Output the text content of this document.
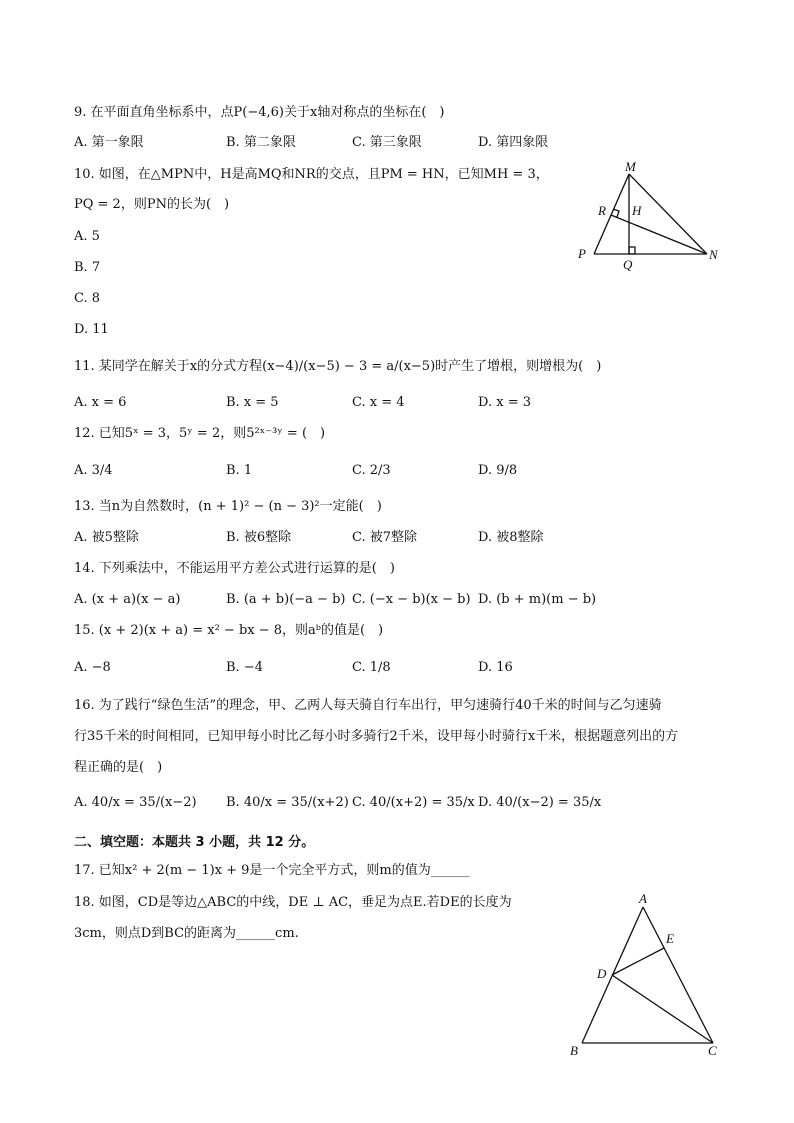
9. 在平面直角坐标系中，点P(−4,6)关于x轴对称点的坐标在(　)
A. 第一象限	B. 第二象限	C. 第三象限	D. 第四象限
10. 如图，在△MPN中，H是高MQ和NR的交点，且PM = HN，已知MH = 3，
PQ = 2，则PN的长为(　)
A. 5
B. 7
C. 8
D. 11
M
R H
P
Q
N
11. 某同学在解关于x的分式方程(x−4)/(x−5) − 3 = a/(x−5)时产生了增根，则增根为(　)
A. x = 6	B. x = 5	C. x = 4	D. x = 3
12. 已知5ˣ = 3，5ʸ = 2，则5²ˣ⁻³ʸ = (　)
A. 3/4	B. 1	C. 2/3	D. 9/8
13. 当n为自然数时，(n + 1)² − (n − 3)²一定能(　)
A. 被5整除	B. 被6整除	C. 被7整除	D. 被8整除
14. 下列乘法中，不能运用平方差公式进行运算的是(　)
A. (x + a)(x − a)	B. (a + b)(−a − b) C. (−x − b)(x − b) D. (b + m)(m − b)
15. (x + 2)(x + a) = x² − bx − 8，则aᵇ的值是(　)
A. −8	B. −4	C. 1/8	D. 16
16. 为了践行“绿色生活”的理念，甲、乙两人每天骑自行车出行，甲匀速骑行40千米的时间与乙匀速骑
行35千米的时间相同，已知甲每小时比乙每小时多骑行2千米，设甲每小时骑行x千米，根据题意列出的方
程正确的是(　)
A. 40/x = 35/(x−2) B. 40/x = 35/(x+2) C. 40/(x+2) = 35/x D. 40/(x−2) = 35/x
二、填空题：本题共 3 小题，共 12 分。
17. 已知x² + 2(m − 1)x + 9是一个完全平方式，则m的值为______
18. 如图，CD是等边△ABC的中线，DE ⊥ AC，垂足为点E.若DE的长度为
3cm，则点D到BC的距离为______cm.
A
E
D
B	C
